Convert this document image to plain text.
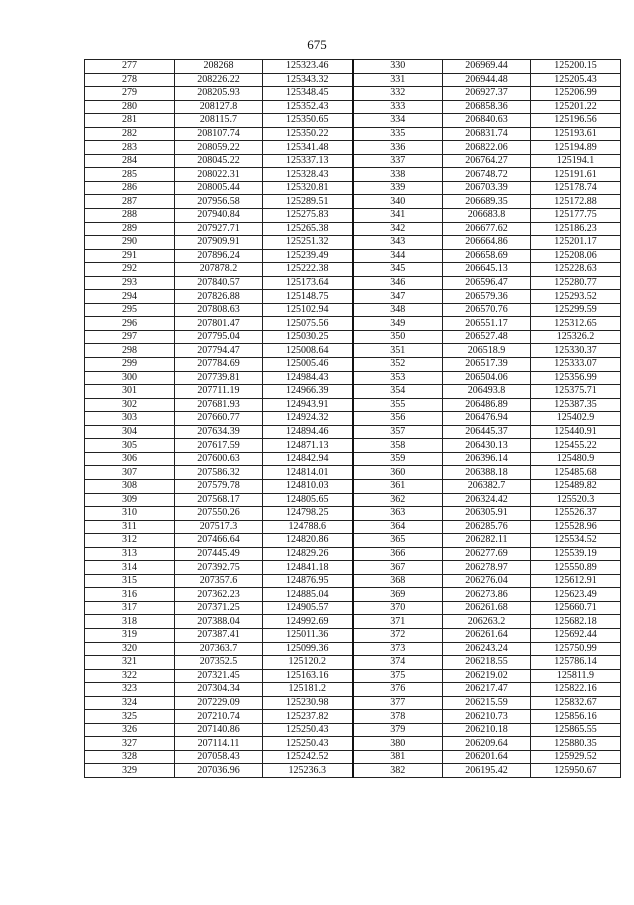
675
277	208268	125323.46	330	206969.44	125200.15
278	208226.22	125343.32	331	206944.48	125205.43
279	208205.93	125348.45	332	206927.37	125206.99
280	208127.8	125352.43	333	206858.36	125201.22
281	208115.7	125350.65	334	206840.63	125196.56
282	208107.74	125350.22	335	206831.74	125193.61
283	208059.22	125341.48	336	206822.06	125194.89
284	208045.22	125337.13	337	206764.27	125194.1
285	208022.31	125328.43	338	206748.72	125191.61
286	208005.44	125320.81	339	206703.39	125178.74
287	207956.58	125289.51	340	206689.35	125172.88
288	207940.84	125275.83	341	206683.8	125177.75
289	207927.71	125265.38	342	206677.62	125186.23
290	207909.91	125251.32	343	206664.86	125201.17
291	207896.24	125239.49	344	206658.69	125208.06
292	207878.2	125222.38	345	206645.13	125228.63
293	207840.57	125173.64	346	206596.47	125280.77
294	207826.88	125148.75	347	206579.36	125293.52
295	207808.63	125102.94	348	206570.76	125299.59
296	207801.47	125075.56	349	206551.17	125312.65
297	207795.04	125030.25	350	206527.48	125326.2
298	207794.47	125008.64	351	206518.9	125330.37
299	207784.69	125005.46	352	206517.39	125333.07
300	207739.81	124984.43	353	206504.06	125356.99
301	207711.19	124966.39	354	206493.8	125375.71
302	207681.93	124943.91	355	206486.89	125387.35
303	207660.77	124924.32	356	206476.94	125402.9
304	207634.39	124894.46	357	206445.37	125440.91
305	207617.59	124871.13	358	206430.13	125455.22
306	207600.63	124842.94	359	206396.14	125480.9
307	207586.32	124814.01	360	206388.18	125485.68
308	207579.78	124810.03	361	206382.7	125489.82
309	207568.17	124805.65	362	206324.42	125520.3
310	207550.26	124798.25	363	206305.91	125526.37
311	207517.3	124788.6	364	206285.76	125528.96
312	207466.64	124820.86	365	206282.11	125534.52
313	207445.49	124829.26	366	206277.69	125539.19
314	207392.75	124841.18	367	206278.97	125550.89
315	207357.6	124876.95	368	206276.04	125612.91
316	207362.23	124885.04	369	206273.86	125623.49
317	207371.25	124905.57	370	206261.68	125660.71
318	207388.04	124992.69	371	206263.2	125682.18
319	207387.41	125011.36	372	206261.64	125692.44
320	207363.7	125099.36	373	206243.24	125750.99
321	207352.5	125120.2	374	206218.55	125786.14
322	207321.45	125163.16	375	206219.02	125811.9
323	207304.34	125181.2	376	206217.47	125822.16
324	207229.09	125230.98	377	206215.59	125832.67
325	207210.74	125237.82	378	206210.73	125856.16
326	207140.86	125250.43	379	206210.18	125865.55
327	207114.11	125250.43	380	206209.64	125880.35
328	207058.43	125242.52	381	206201.64	125929.52
329	207036.96	125236.3	382	206195.42	125950.67
